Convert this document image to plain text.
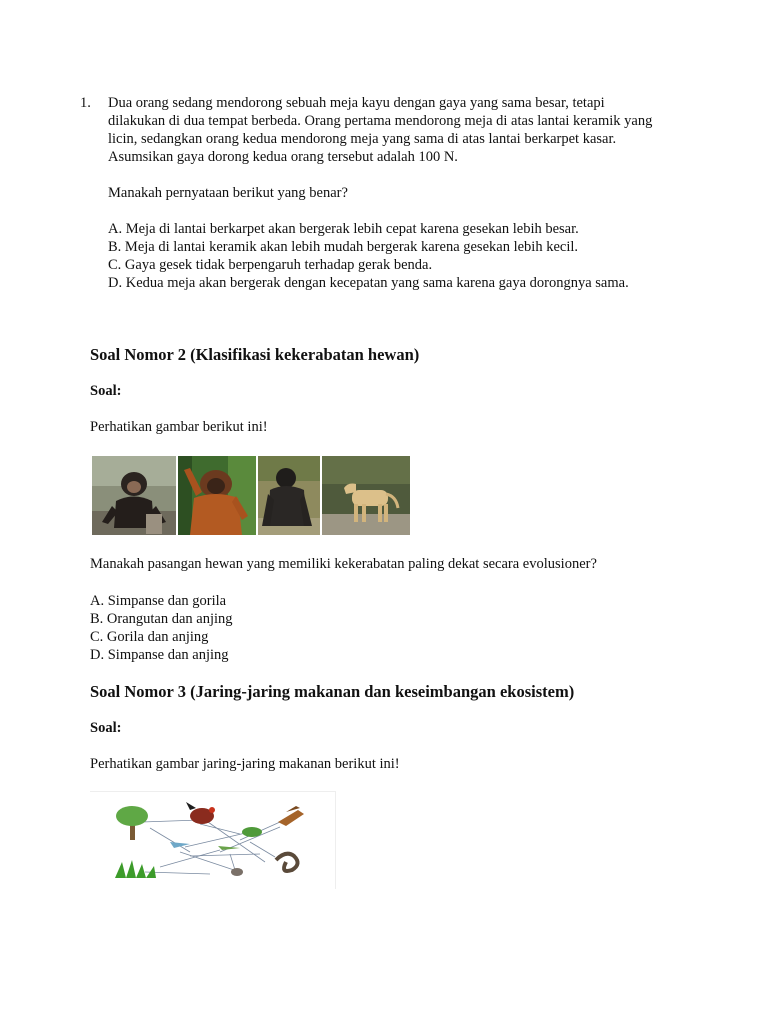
1. Dua orang sedang mendorong sebuah meja kayu dengan gaya yang sama besar, tetapi
dilakukan di dua tempat berbeda. Orang pertama mendorong meja di atas lantai keramik yang
licin, sedangkan orang kedua mendorong meja yang sama di atas lantai berkarpet kasar.
Asumsikan gaya dorong kedua orang tersebut adalah 100 N.
Manakah pernyataan berikut yang benar?
A. Meja di lantai berkarpet akan bergerak lebih cepat karena gesekan lebih besar.
B. Meja di lantai keramik akan lebih mudah bergerak karena gesekan lebih kecil.
C. Gaya gesek tidak berpengaruh terhadap gerak benda.
D. Kedua meja akan bergerak dengan kecepatan yang sama karena gaya dorongnya sama.
Soal Nomor 2 (Klasifikasi kekerabatan hewan)
Soal:
Perhatikan gambar berikut ini!
Manakah pasangan hewan yang memiliki kekerabatan paling dekat secara evolusioner?
A. Simpanse dan gorila
B. Orangutan dan anjing
C. Gorila dan anjing
D. Simpanse dan anjing
Soal Nomor 3 (Jaring-jaring makanan dan keseimbangan ekosistem)
Soal:
Perhatikan gambar jaring-jaring makanan berikut ini!
